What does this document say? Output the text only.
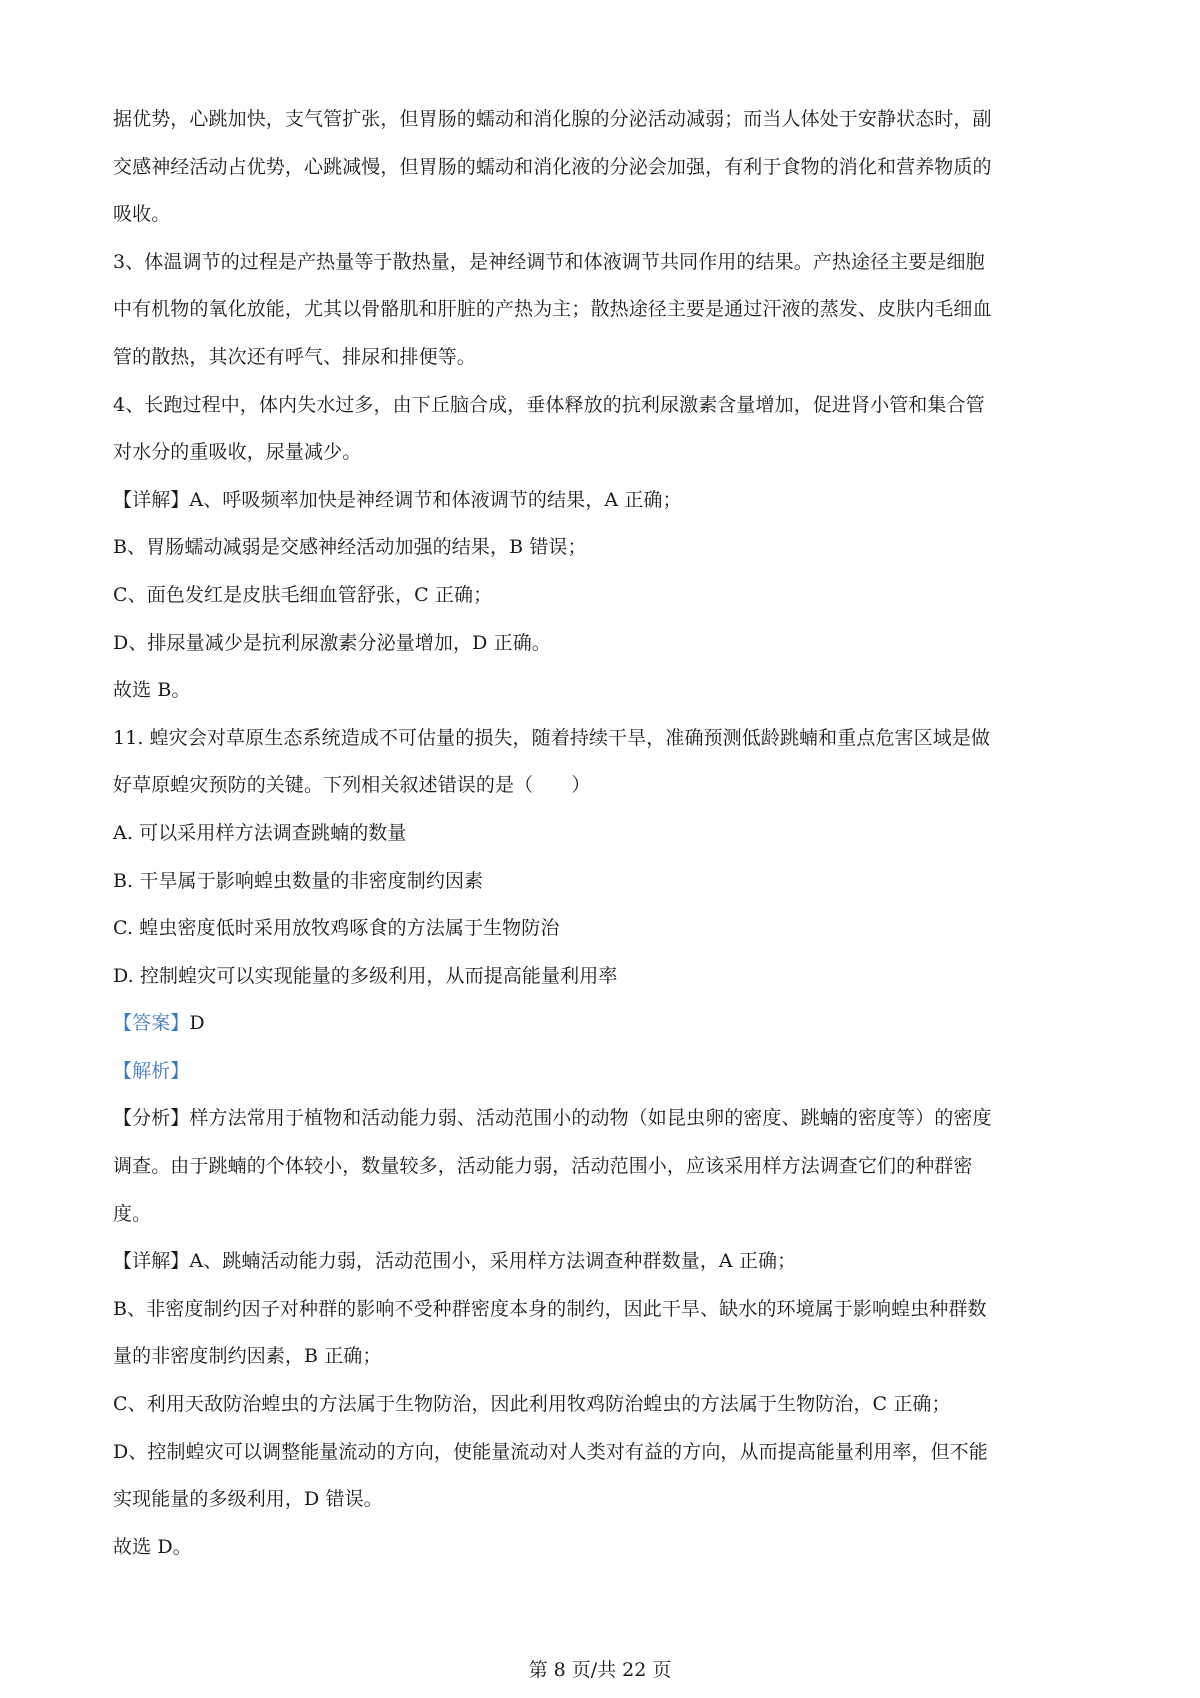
据优势，心跳加快，支气管扩张，但胃肠的蠕动和消化腺的分泌活动减弱；而当人体处于安静状态时，副
交感神经活动占优势，心跳减慢，但胃肠的蠕动和消化液的分泌会加强，有利于食物的消化和营养物质的
吸收。
3、体温调节的过程是产热量等于散热量，是神经调节和体液调节共同作用的结果。产热途径主要是细胞
中有机物的氧化放能，尤其以骨骼肌和肝脏的产热为主；散热途径主要是通过汗液的蒸发、皮肤内毛细血
管的散热，其次还有呼气、排尿和排便等。
4、长跑过程中，体内失水过多，由下丘脑合成，垂体释放的抗利尿激素含量增加，促进肾小管和集合管
对水分的重吸收，尿量减少。
【详解】A、呼吸频率加快是神经调节和体液调节的结果，A 正确；
B、胃肠蠕动减弱是交感神经活动加强的结果，B 错误；
C、面色发红是皮肤毛细血管舒张，C 正确；
D、排尿量减少是抗利尿激素分泌量增加，D 正确。
故选 B。
11. 蝗灾会对草原生态系统造成不可估量的损失，随着持续干旱，准确预测低龄跳蝻和重点危害区域是做
好草原蝗灾预防的关键。下列相关叙述错误的是（　　）
A. 可以采用样方法调查跳蝻的数量
B. 干旱属于影响蝗虫数量的非密度制约因素
C. 蝗虫密度低时采用放牧鸡啄食的方法属于生物防治
D. 控制蝗灾可以实现能量的多级利用，从而提高能量利用率
【答案】D
【解析】
【分析】样方法常用于植物和活动能力弱、活动范围小的动物（如昆虫卵的密度、跳蝻的密度等）的密度
调查。由于跳蝻的个体较小，数量较多，活动能力弱，活动范围小，应该采用样方法调查它们的种群密
度。
【详解】A、跳蝻活动能力弱，活动范围小，采用样方法调查种群数量，A 正确；
B、非密度制约因子对种群的影响不受种群密度本身的制约，因此干旱、缺水的环境属于影响蝗虫种群数
量的非密度制约因素，B 正确；
C、利用天敌防治蝗虫的方法属于生物防治，因此利用牧鸡防治蝗虫的方法属于生物防治，C 正确；
D、控制蝗灾可以调整能量流动的方向，使能量流动对人类对有益的方向，从而提高能量利用率，但不能
实现能量的多级利用，D 错误。
故选 D。
第 8 页/共 22 页
